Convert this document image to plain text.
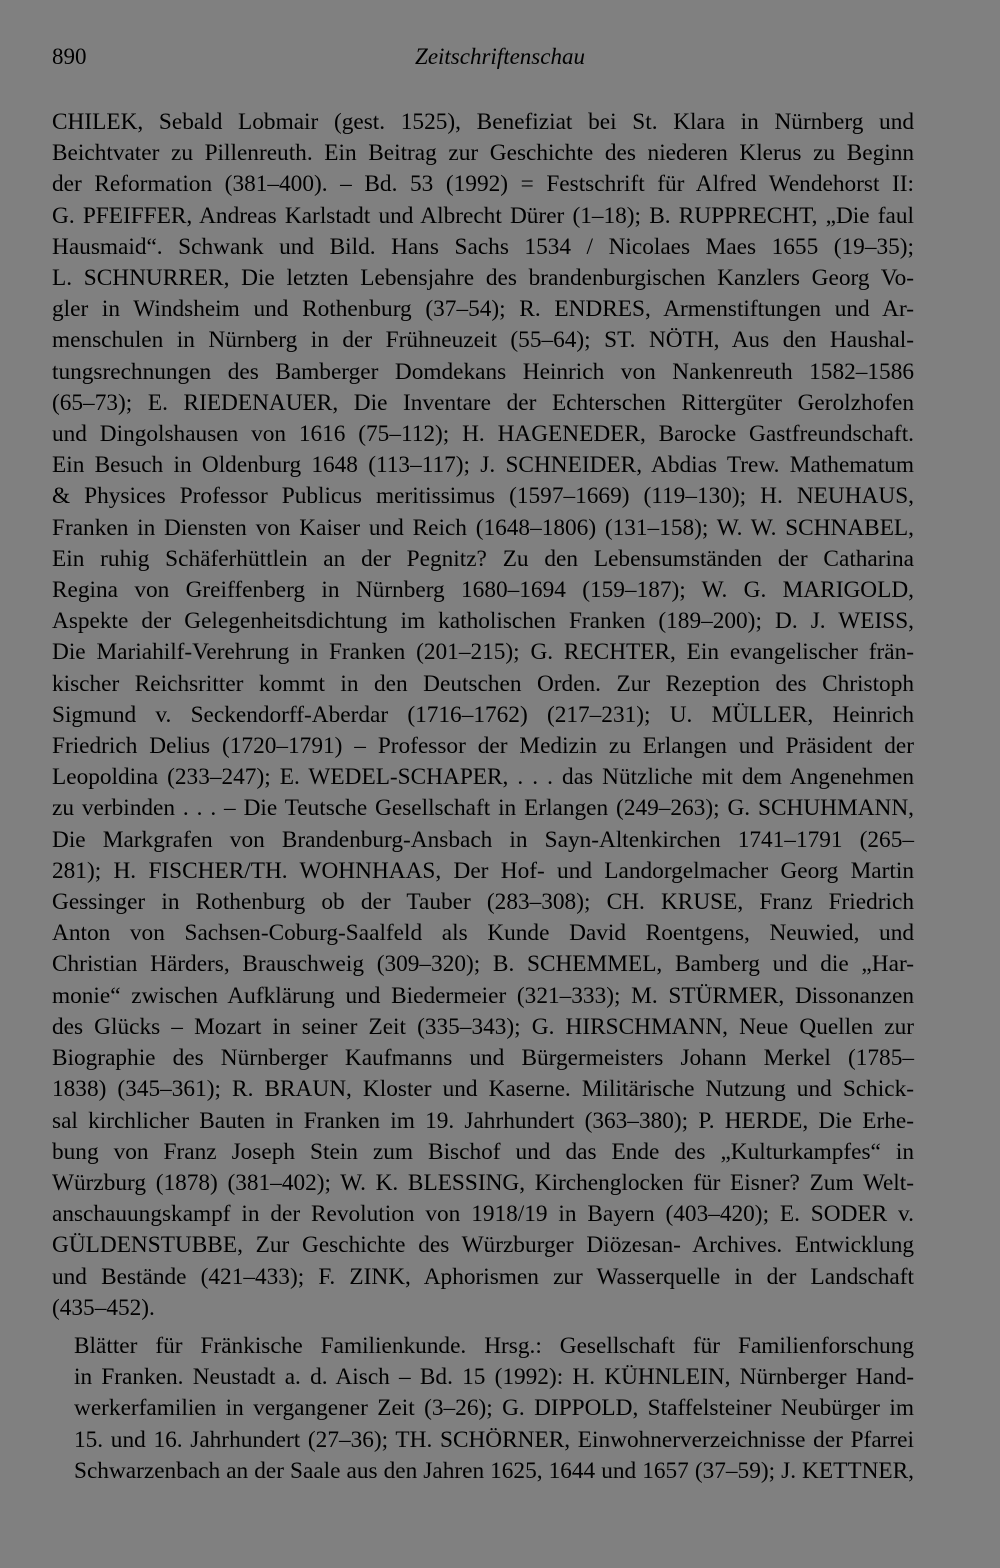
890	Zeitschriftenschau

CHILEK, Sebald Lobmair (gest. 1525), Benefiziat bei St. Klara in Nürnberg und
Beichtvater zu Pillenreuth. Ein Beitrag zur Geschichte des niederen Klerus zu Beginn
der Reformation (381–400). – Bd. 53 (1992) = Festschrift für Alfred Wendehorst II:
G. PFEIFFER, Andreas Karlstadt und Albrecht Dürer (1–18); B. RUPPRECHT, „Die faul
Hausmaid“. Schwank und Bild. Hans Sachs 1534 / Nicolaes Maes 1655 (19–35);
L. SCHNURRER, Die letzten Lebensjahre des brandenburgischen Kanzlers Georg Vo-
gler in Windsheim und Rothenburg (37–54); R. ENDRES, Armenstiftungen und Ar-
menschulen in Nürnberg in der Frühneuzeit (55–64); ST. NÖTH, Aus den Haushal-
tungsrechnungen des Bamberger Domdekans Heinrich von Nankenreuth 1582–1586
(65–73); E. RIEDENAUER, Die Inventare der Echterschen Rittergüter Gerolzhofen
und Dingolshausen von 1616 (75–112); H. HAGENEDER, Barocke Gastfreundschaft.
Ein Besuch in Oldenburg 1648 (113–117); J. SCHNEIDER, Abdias Trew. Mathematum
& Physices Professor Publicus meritissimus (1597–1669) (119–130); H. NEUHAUS,
Franken in Diensten von Kaiser und Reich (1648–1806) (131–158); W. W. SCHNABEL,
Ein ruhig Schäferhüttlein an der Pegnitz? Zu den Lebensumständen der Catharina
Regina von Greiffenberg in Nürnberg 1680–1694 (159–187); W. G. MARIGOLD,
Aspekte der Gelegenheitsdichtung im katholischen Franken (189–200); D. J. WEISS,
Die Mariahilf-Verehrung in Franken (201–215); G. RECHTER, Ein evangelischer frän-
kischer Reichsritter kommt in den Deutschen Orden. Zur Rezeption des Christoph
Sigmund v. Seckendorff-Aberdar (1716–1762) (217–231); U. MÜLLER, Heinrich
Friedrich Delius (1720–1791) – Professor der Medizin zu Erlangen und Präsident der
Leopoldina (233–247); E. WEDEL-SCHAPER, . . . das Nützliche mit dem Angenehmen
zu verbinden . . . – Die Teutsche Gesellschaft in Erlangen (249–263); G. SCHUHMANN,
Die Markgrafen von Brandenburg-Ansbach in Sayn-Altenkirchen 1741–1791 (265–
281); H. FISCHER/TH. WOHNHAAS, Der Hof- und Landorgelmacher Georg Martin
Gessinger in Rothenburg ob der Tauber (283–308); CH. KRUSE, Franz Friedrich
Anton von Sachsen-Coburg-Saalfeld als Kunde David Roentgens, Neuwied, und
Christian Härders, Brauschweig (309–320); B. SCHEMMEL, Bamberg und die „Har-
monie“ zwischen Aufklärung und Biedermeier (321–333); M. STÜRMER, Dissonanzen
des Glücks – Mozart in seiner Zeit (335–343); G. HIRSCHMANN, Neue Quellen zur
Biographie des Nürnberger Kaufmanns und Bürgermeisters Johann Merkel (1785–
1838) (345–361); R. BRAUN, Kloster und Kaserne. Militärische Nutzung und Schick-
sal kirchlicher Bauten in Franken im 19. Jahrhundert (363–380); P. HERDE, Die Erhe-
bung von Franz Joseph Stein zum Bischof und das Ende des „Kulturkampfes“ in
Würzburg (1878) (381–402); W. K. BLESSING, Kirchenglocken für Eisner? Zum Welt-
anschauungskampf in der Revolution von 1918/19 in Bayern (403–420); E. SODER v.
GÜLDENSTUBBE, Zur Geschichte des Würzburger Diözesan- Archives. Entwicklung
und Bestände (421–433); F. ZINK, Aphorismen zur Wasserquelle in der Landschaft
(435–452).

Blätter für Fränkische Familienkunde. Hrsg.: Gesellschaft für Familienforschung
in Franken. Neustadt a. d. Aisch – Bd. 15 (1992): H. KÜHNLEIN, Nürnberger Hand-
werkerfamilien in vergangener Zeit (3–26); G. DIPPOLD, Staffelsteiner Neubürger im
15. und 16. Jahrhundert (27–36); TH. SCHÖRNER, Einwohnerverzeichnisse der Pfarrei
Schwarzenbach an der Saale aus den Jahren 1625, 1644 und 1657 (37–59); J. KETTNER,
